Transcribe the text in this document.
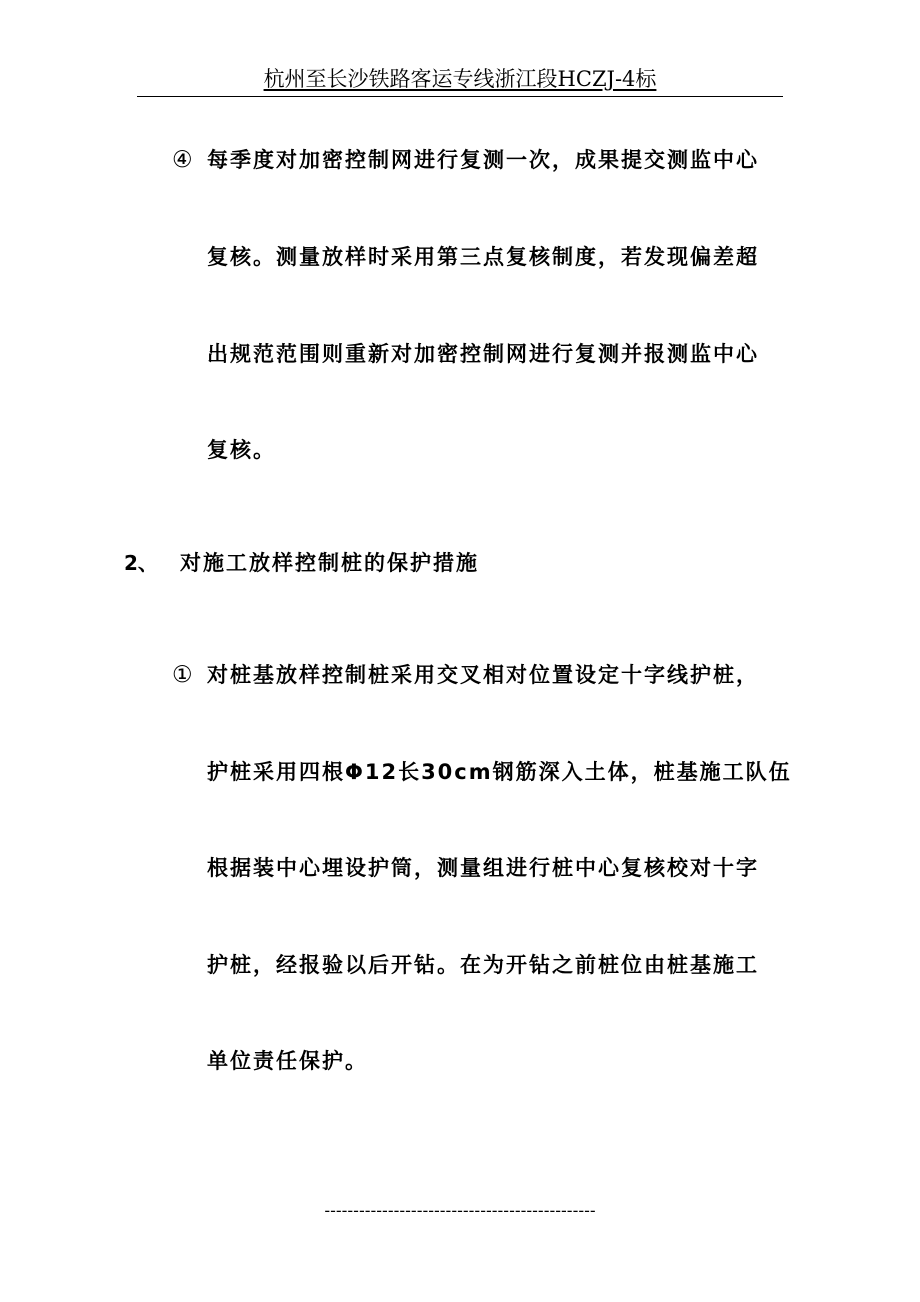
杭州至长沙铁路客运专线浙江段HCZJ-4标
④ 每季度对加密控制网进行复测一次，成果提交测监中心
复核。测量放样时采用第三点复核制度，若发现偏差超
出规范范围则重新对加密控制网进行复测并报测监中心
复核。
2、 对施工放样控制桩的保护措施
① 对桩基放样控制桩采用交叉相对位置设定十字线护桩，
护桩采用四根Φ12长30cm钢筋深入土体，桩基施工队伍
根据装中心埋设护筒，测量组进行桩中心复核校对十字
护桩，经报验以后开钻。在为开钻之前桩位由桩基施工
单位责任保护。
-----------------------------------------------
